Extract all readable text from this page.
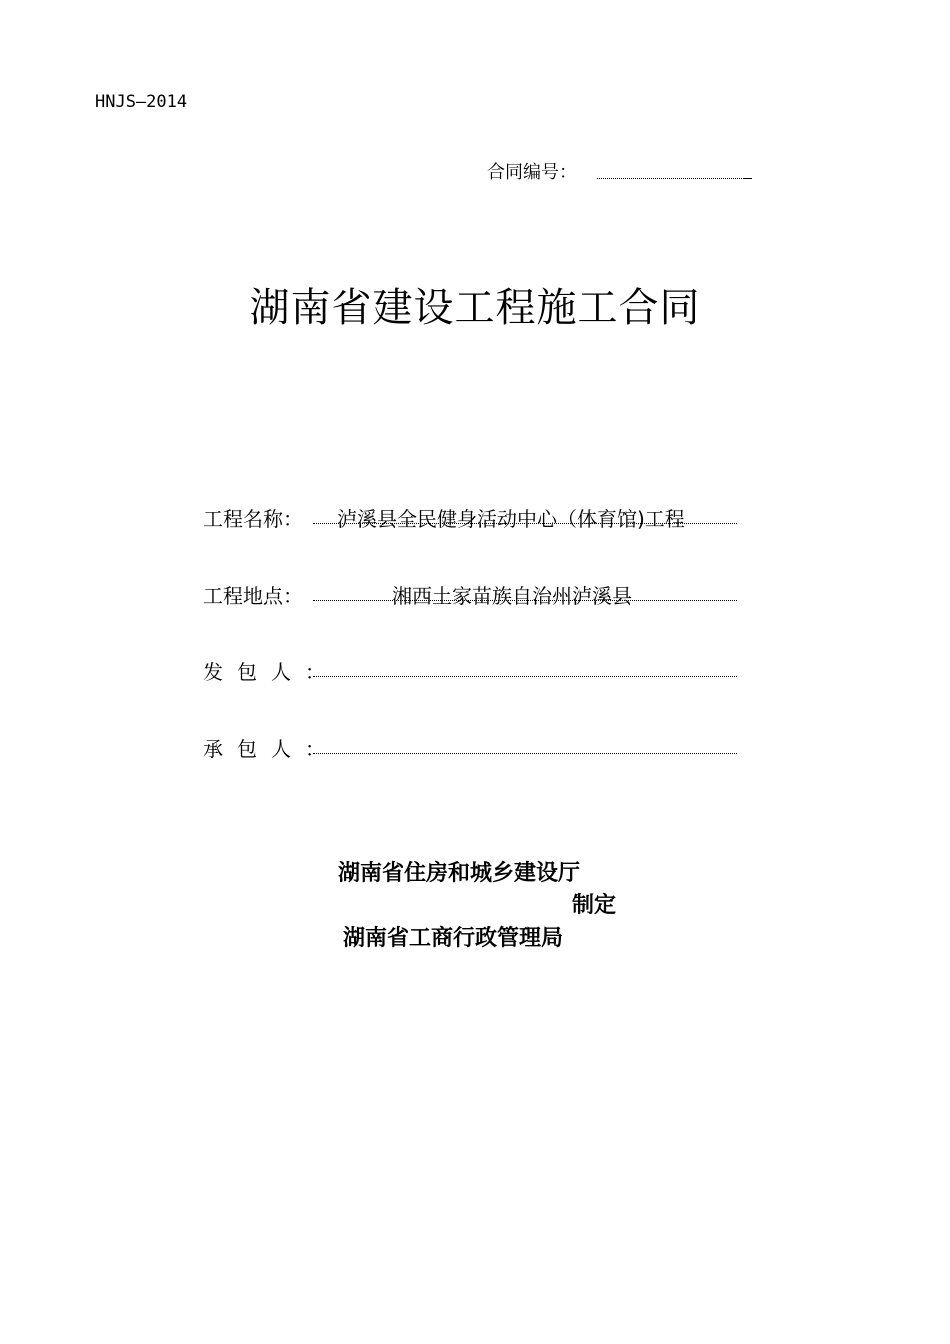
HNJS—2014
合同编号：
湖南省建设工程施工合同
工程名称： 泸溪县全民健身活动中心（体育馆)工程
工程地点：	湘西土家苗族自治州泸溪县
发包人：
承包人：
湖南省住房和城乡建设厅
制定
湖南省工商行政管理局
